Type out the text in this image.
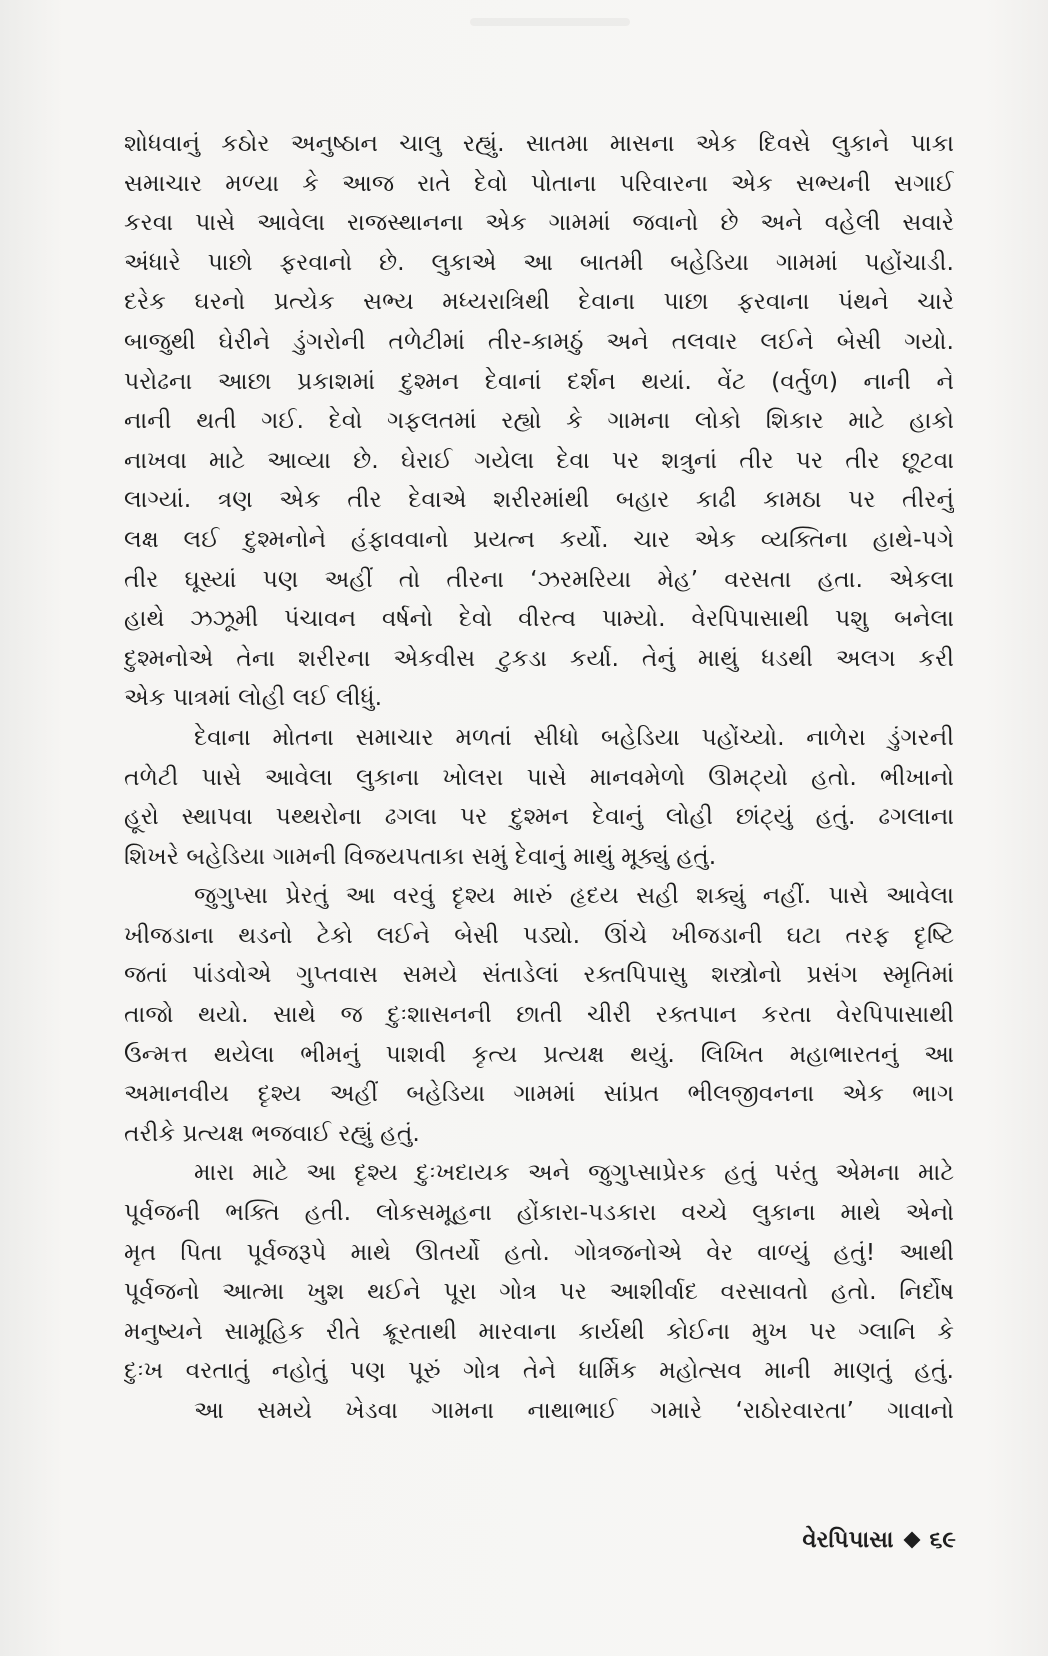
શોધવાનું કઠોર અનુષ્ઠાન ચાલુ રહ્યું. સાતમા માસના એક દિવસે લુકાને પાકા
સમાચાર મળ્યા કે આજ રાતે દેવો પોતાના પરિવારના એક સભ્યની સગાઈ
કરવા પાસે આવેલા રાજસ્થાનના એક ગામમાં જવાનો છે અને વહેલી સવારે
અંધારે પાછો ફરવાનો છે. લુકાએ આ બાતમી બહેડિયા ગામમાં પહોંચાડી.
દરેક ઘરનો પ્રત્યેક સભ્ય મધ્યરાત્રિથી દેવાના પાછા ફરવાના પંથને ચારે
બાજુથી ઘેરીને ડુંગરોની તળેટીમાં તીર-કામઠું અને તલવાર લઈને બેસી ગયો.
પરોઢના આછા પ્રકાશમાં દુશ્મન દેવાનાં દર્શન થયાં. વેંટ (વર્તુળ) નાની ને
નાની થતી ગઈ. દેવો ગફલતમાં રહ્યો કે ગામના લોકો શિકાર માટે હાકો
નાખવા માટે આવ્યા છે. ઘેરાઈ ગયેલા દેવા પર શત્રુનાં તીર પર તીર છૂટવા
લાગ્યાં. ત્રણ એક તીર દેવાએ શરીરમાંથી બહાર કાઢી કામઠા પર તીરનું
લક્ષ લઈ દુશ્મનોને હંફાવવાનો પ્રયત્ન કર્યો. ચાર એક વ્યક્તિના હાથે-પગે
તીર ઘૂસ્યાં પણ અહીં તો તીરના ‘ઝરમરિયા મેહ’ વરસતા હતા. એકલા
હાથે ઝઝૂમી પંચાવન વર્ષનો દેવો વીરત્વ પામ્યો. વેરપિપાસાથી પશુ બનેલા
દુશ્મનોએ તેના શરીરના એકવીસ ટુકડા કર્યા. તેનું માથું ધડથી અલગ કરી
એક પાત્રમાં લોહી લઈ લીધું.
દેવાના મોતના સમાચાર મળતાં સીધો બહેડિયા પહોંચ્યો. નાળેરા ડુંગરની
તળેટી પાસે આવેલા લુકાના ખોલરા પાસે માનવમેળો ઊમટ્યો હતો. ભીખાનો
હૂરો સ્થાપવા પથ્થરોના ઢગલા પર દુશ્મન દેવાનું લોહી છાંટ્યું હતું. ઢગલાના
શિખરે બહેડિયા ગામની વિજયપતાકા સમું દેવાનું માથું મૂક્યું હતું.
જુગુપ્સા પ્રેરતું આ વરવું દૃશ્ય મારું હૃદય સહી શક્યું નહીં. પાસે આવેલા
ખીજડાના થડનો ટેકો લઈને બેસી પડ્યો. ઊંચે ખીજડાની ઘટા તરફ દૃષ્ટિ
જતાં પાંડવોએ ગુપ્તવાસ સમયે સંતાડેલાં રક્તપિપાસુ શસ્ત્રોનો પ્રસંગ સ્મૃતિમાં
તાજો થયો. સાથે જ દુઃશાસનની છાતી ચીરી રક્તપાન કરતા વેરપિપાસાથી
ઉન્મત્ત થયેલા ભીમનું પાશવી કૃત્ય પ્રત્યક્ષ થયું. લિખિત મહાભારતનું આ
અમાનવીય દૃશ્ય અહીં બહેડિયા ગામમાં સાંપ્રત ભીલજીવનના એક ભાગ
તરીકે પ્રત્યક્ષ ભજવાઈ રહ્યું હતું.
મારા માટે આ દૃશ્ય દુઃખદાયક અને જુગુપ્સાપ્રેરક હતું પરંતુ એમના માટે
પૂર્વજની ભક્તિ હતી. લોકસમૂહના હોંકારા-પડકારા વચ્ચે લુકાના માથે એનો
મૃત પિતા પૂર્વજરૂપે માથે ઊતર્યો હતો. ગોત્રજનોએ વેર વાળ્યું હતું! આથી
પૂર્વજનો આત્મા ખુશ થઈને પૂરા ગોત્ર પર આશીર્વાદ વરસાવતો હતો. નિર્દોષ
મનુષ્યને સામૂહિક રીતે ક્રૂરતાથી મારવાના કાર્યથી કોઈના મુખ પર ગ્લાનિ કે
દુઃખ વરતાતું નહોતું પણ પૂરું ગોત્ર તેને ધાર્મિક મહોત્સવ માની માણતું હતું.
આ સમયે ખેડવા ગામના નાથાભાઈ ગમારે ‘રાઠોરવારતા’ ગાવાનો
વેરપિપાસા ૬૯
